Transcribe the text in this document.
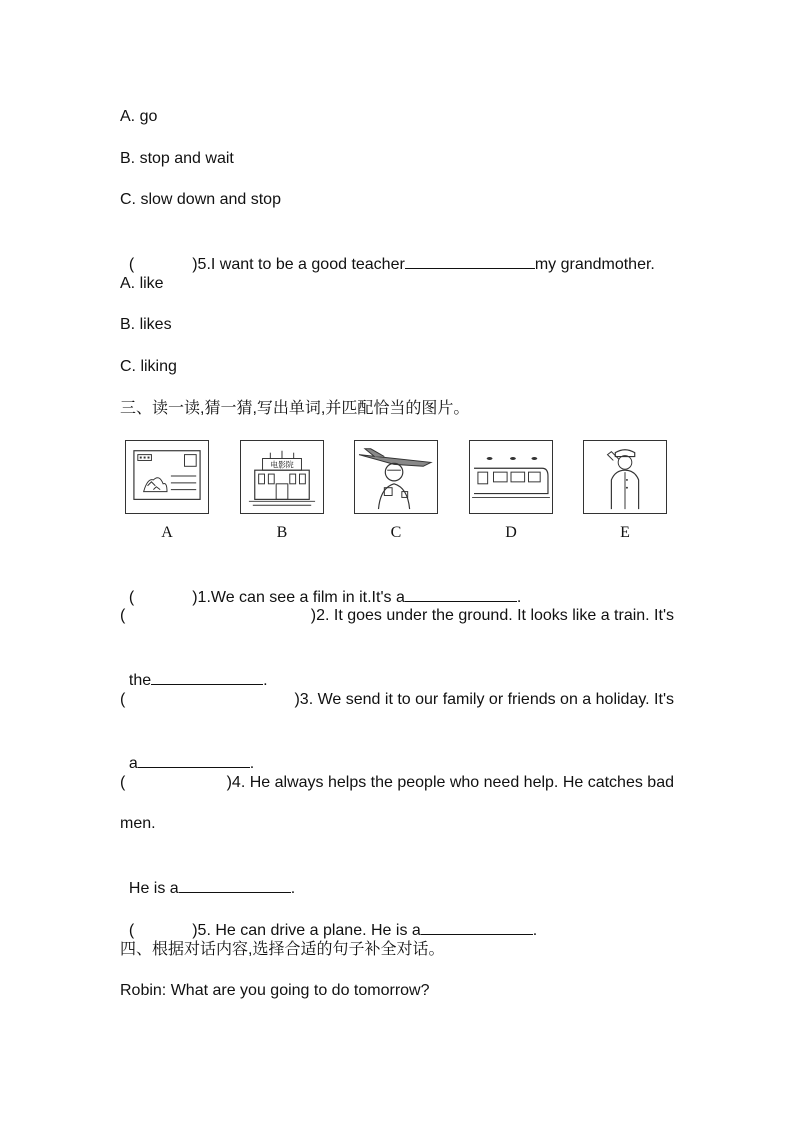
A. go
B. stop and wait
C. slow down and stop

(	)5.I want to be a good teacher	my grandmother.

A. like
B. likes
C. liking
三、读一读,猜一猜,写出单词,并匹配恰当的图片。
电影院
A	B	C	D	E

(	)1.We can see a film in it.It's a	.

(	)2. It goes under the ground. It looks like a train. It's

the	.

(	)3. We send it to our family or friends on a holiday. It's

a	.

(	)4. He always helps the people who need help. He catches bad
men.

He is a	.

(	)5. He can drive a plane. He is a	.

四、根据对话内容,选择合适的句子补全对话。
Robin: What are you going to do tomorrow?
